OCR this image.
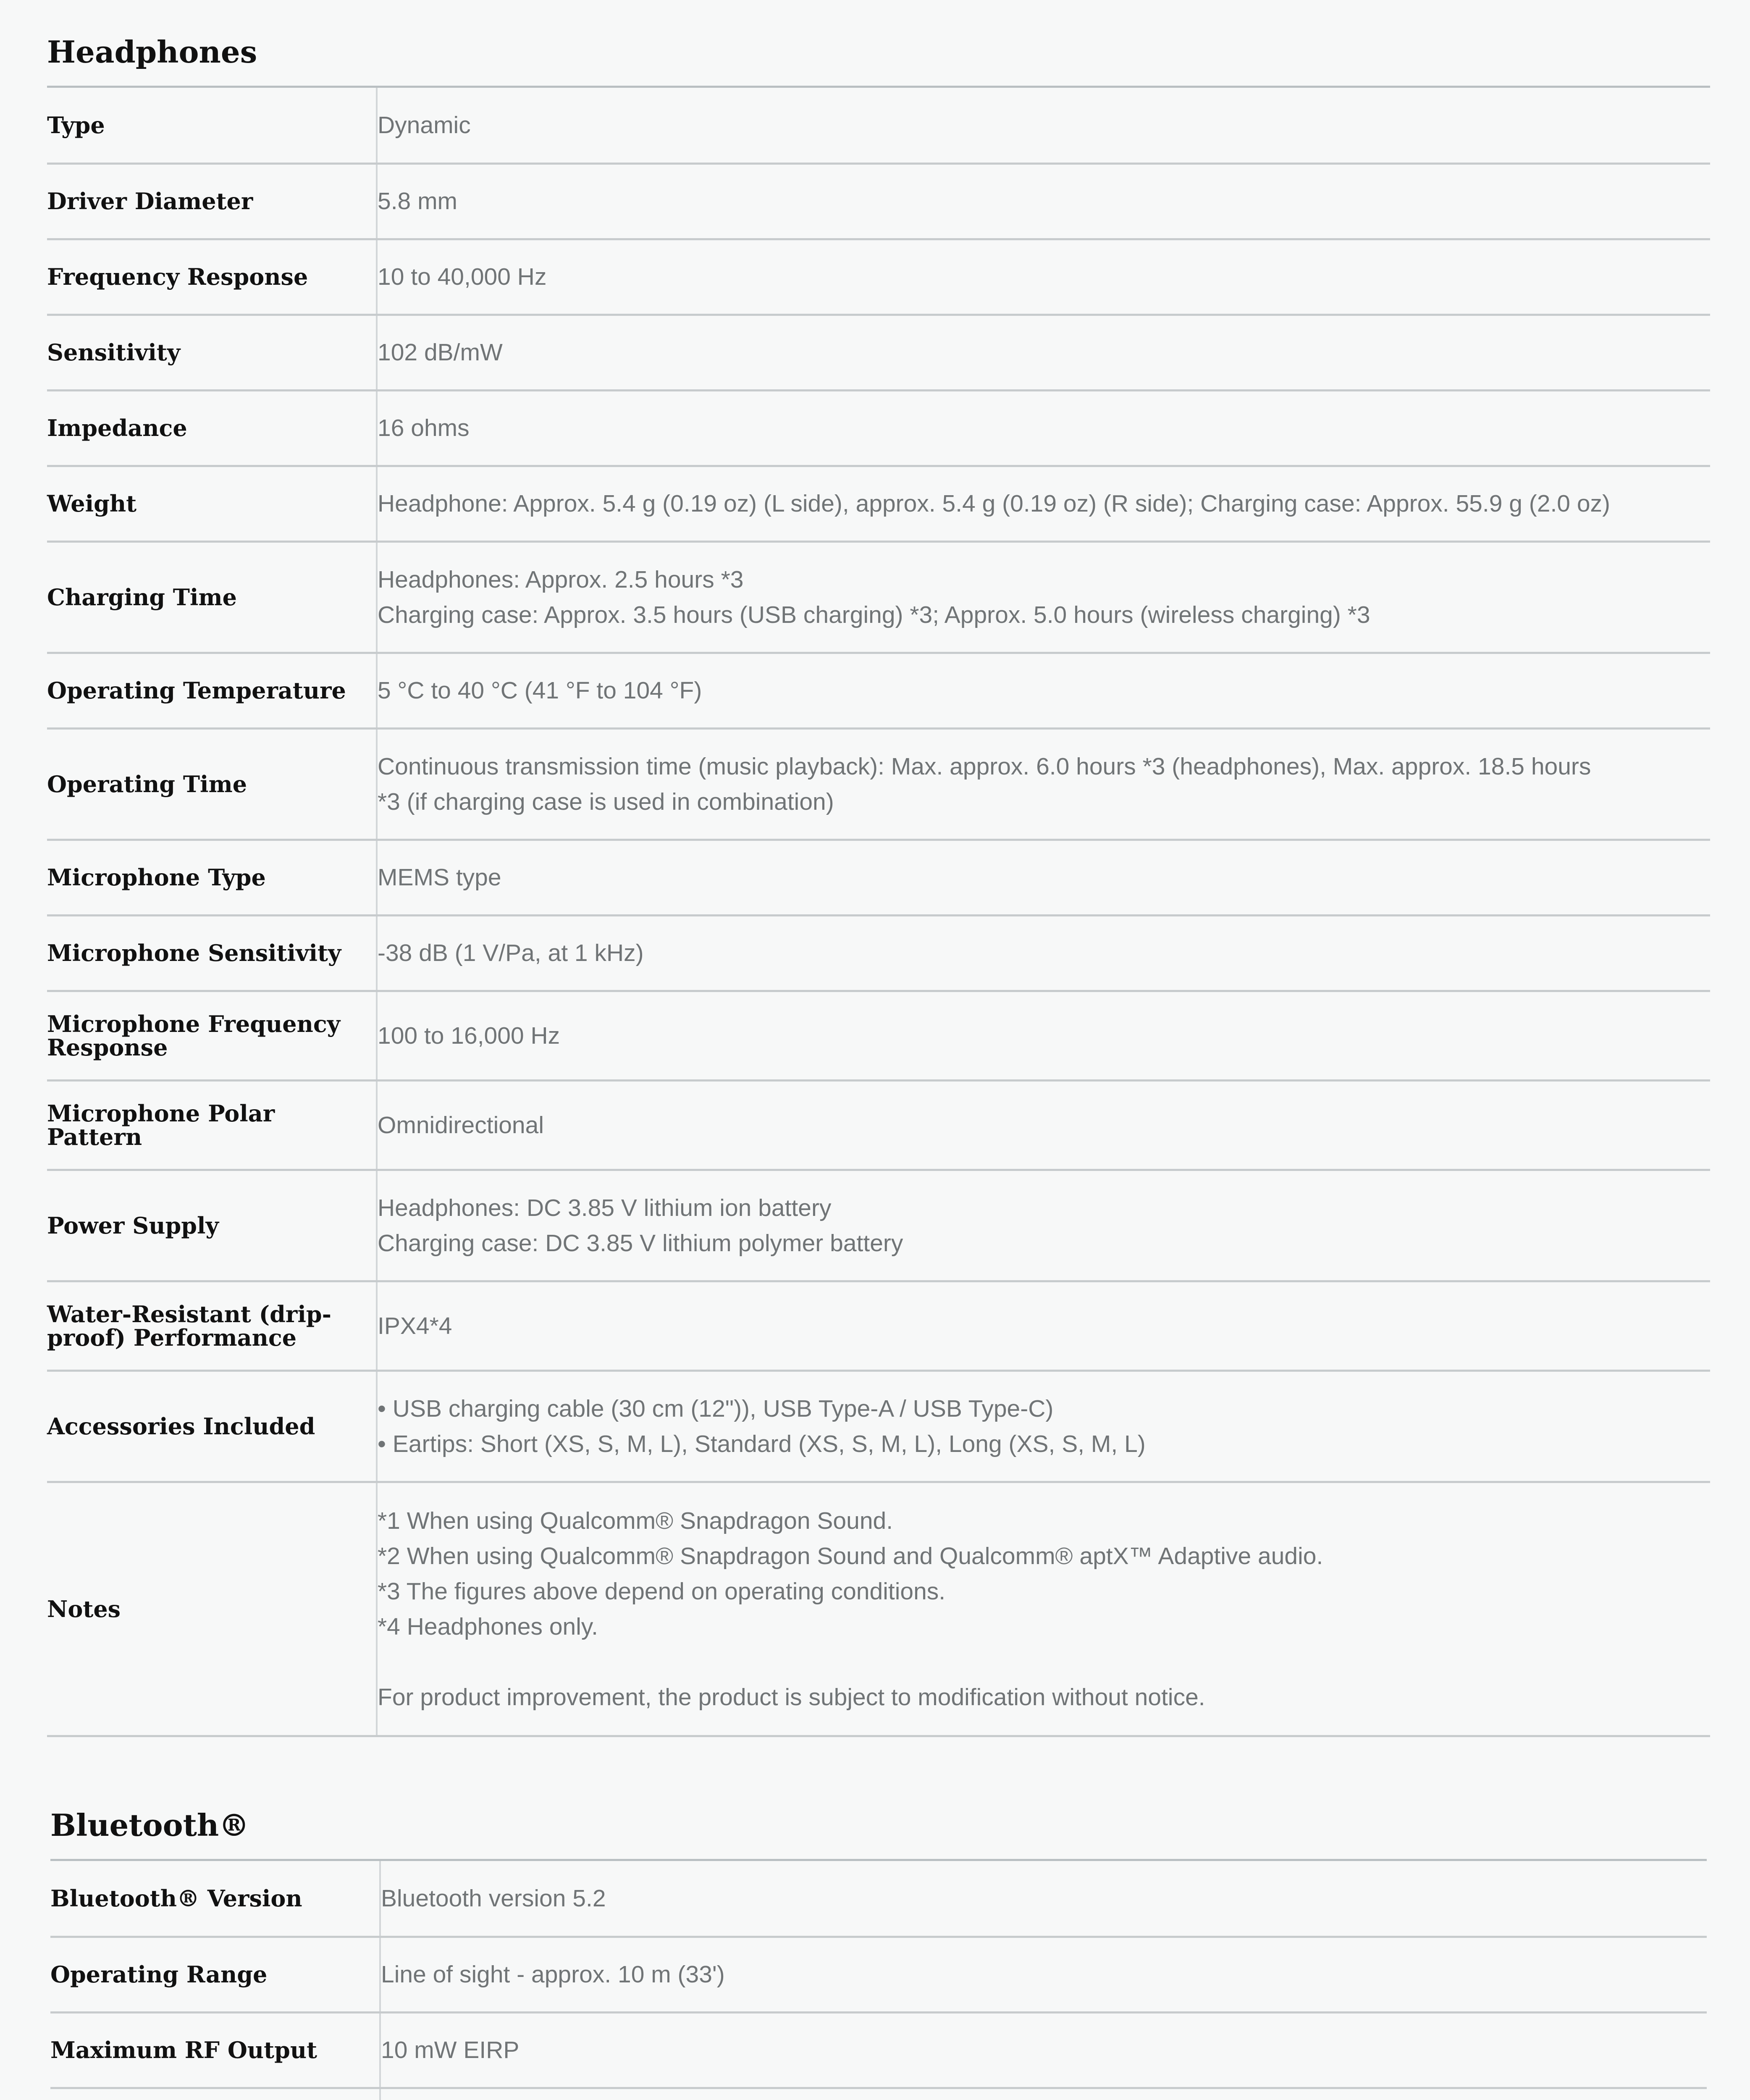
Headphones
Type	Dynamic

Driver Diameter	5.8 mm

Frequency Response	10 to 40,000 Hz

Sensitivity	102 dB/mW

Impedance	16 ohms

Weight	Headphone: Approx. 5.4 g (0.19 oz) (L side), approx. 5.4 g (0.19 oz) (R side); Charging case: Approx. 55.9 g (2.0 oz)

Charging Time	Headphones: Approx. 2.5 hours *3
Charging case: Approx. 3.5 hours (USB charging) *3; Approx. 5.0 hours (wireless charging) *3

Operating Temperature	5 °C to 40 °C (41 °F to 104 °F)

Operating Time	Continuous transmission time (music playback): Max. approx. 6.0 hours *3 (headphones), Max. approx. 18.5 hours
*3 (if charging case is used in combination)

Microphone Type	MEMS type

Microphone Sensitivity	-38 dB (1 V/Pa, at 1 kHz)

Microphone Frequency Response	100 to 16,000 Hz

Microphone Polar Pattern	Omnidirectional

Power Supply	Headphones: DC 3.85 V lithium ion battery
Charging case: DC 3.85 V lithium polymer battery

Water-Resistant (drip-proof) Performance	IPX4*4

Accessories Included	• USB charging cable (30 cm (12")), USB Type-A / USB Type-C)
• Eartips: Short (XS, S, M, L), Standard (XS, S, M, L), Long (XS, S, M, L)

Notes	*1 When using Qualcomm® Snapdragon Sound.
*2 When using Qualcomm® Snapdragon Sound and Qualcomm® aptX™ Adaptive audio.
*3 The figures above depend on operating conditions.
*4 Headphones only.
For product improvement, the product is subject to modification without notice.
Bluetooth®
Bluetooth® Version	Bluetooth version 5.2

Operating Range	Line of sight - approx. 10 m (33')

Maximum RF Output	10 mW EIRP
